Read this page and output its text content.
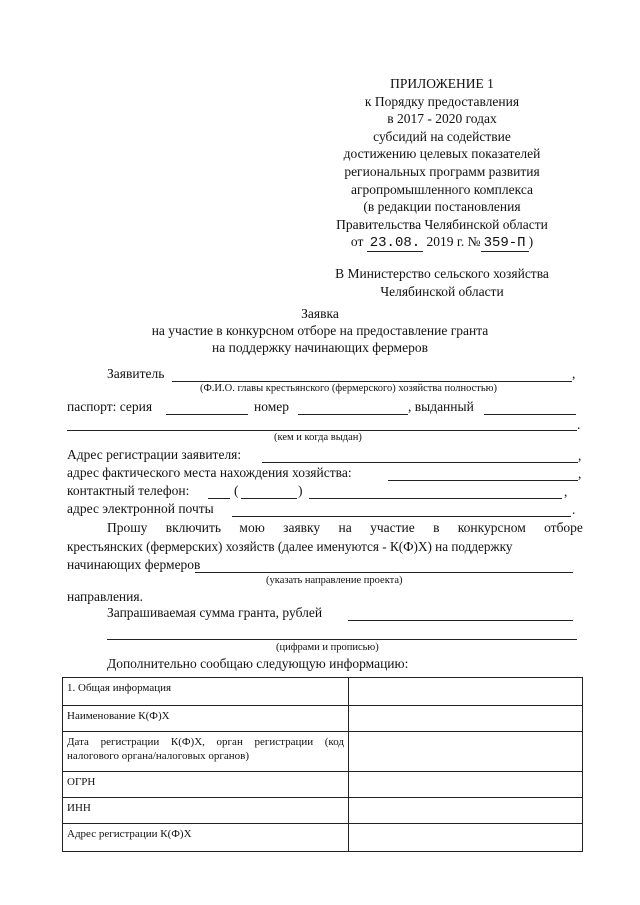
ПРИЛОЖЕНИЕ 1
к Порядку предоставления
в 2017 - 2020 годах
субсидий на содействие
достижению целевых показателей
региональных программ развития
агропромышленного комплекса
(в редакции постановления
Правительства Челябинской области
от 23.08. 2019 г. № 359-П )
В Министерство сельского хозяйства
Челябинской области
Заявка
на участие в конкурсном отборе на предоставление гранта
на поддержку начинающих фермеров
Заявитель	,
(Ф.И.О. главы крестьянского (фермерского) хозяйства полностью)
паспорт: серия	номер	, выданный
.
(кем и когда выдан)
Адрес регистрации заявителя:	,
адрес фактического места нахождения хозяйства:	,
контактный телефон:	(	)	,
адрес электронной почты	.
Прошу включить мою заявку на участие в конкурсном отборе
крестьянских (фермерских) хозяйств (далее именуются - К(Ф)Х) на поддержку
начинающих фермеров
(указать направление проекта)
направления.
Запрашиваемая сумма гранта, рублей
(цифрами и прописью)
Дополнительно сообщаю следующую информацию:
1. Общая информация	
Наименование К(Ф)Х	
Дата регистрации К(Ф)Х, орган регистрации (код налогового органа/налоговых органов)	
ОГРН	
ИНН	
Адрес регистрации К(Ф)Х	
